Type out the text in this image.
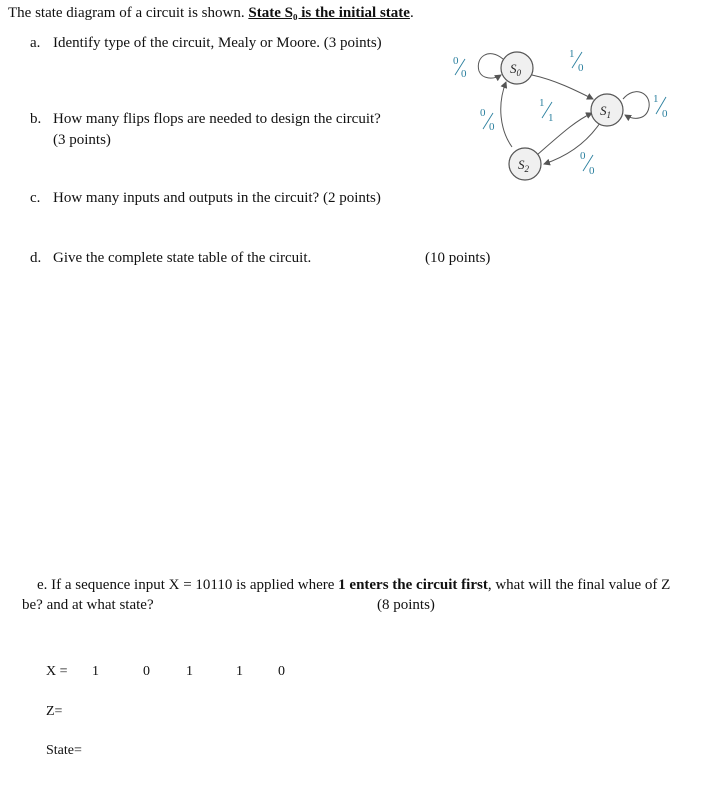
The state diagram of a circuit is shown. State S₀ is the initial state.
a. Identify type of the circuit, Mealy or Moore. (3 points)
b. How many flips flops are needed to design the circuit?
(3 points)
c. How many inputs and outputs in the circuit? (2 points)
d. Give the complete state table of the circuit.	(10 points)
e. If a sequence input X = 10110 is applied where 1 enters the circuit first, what will the final value of Z
be? and at what state?	(8 points)
X = 1	0	1	1	0
Z=
State=
$S_0$
$S_1$
$S_2$
0
0
1
0
1
0
0
0
1
1
0
0
